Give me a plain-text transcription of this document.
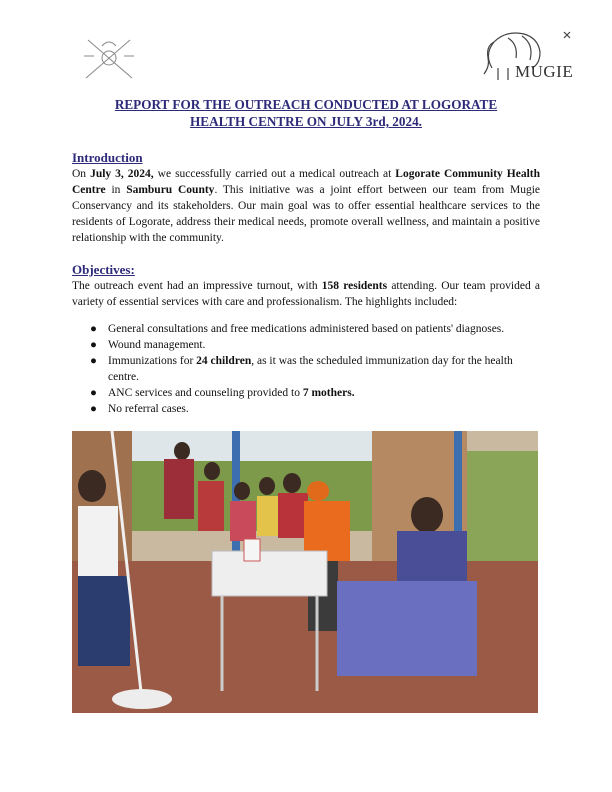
MUGIE
REPORT FOR THE OUTREACH CONDUCTED AT LOGORATE
HEALTH CENTRE ON JULY 3rd, 2024.
Introduction
On July 3, 2024, we successfully carried out a medical outreach at Logorate Community Health Centre in Samburu County. This initiative was a joint effort between our team from Mugie Conservancy and its stakeholders. Our main goal was to offer essential healthcare services to the residents of Logorate, address their medical needs, promote overall wellness, and maintain a positive relationship with the community.
Objectives:
The outreach event had an impressive turnout, with 158 residents attending. Our team provided a variety of essential services with care and professionalism. The highlights included:
● General consultations and free medications administered based on patients' diagnoses.
● Wound management.
● Immunizations for 24 children, as it was the scheduled immunization day for the health centre.
● ANC services and counseling provided to 7 mothers.
● No referral cases.
